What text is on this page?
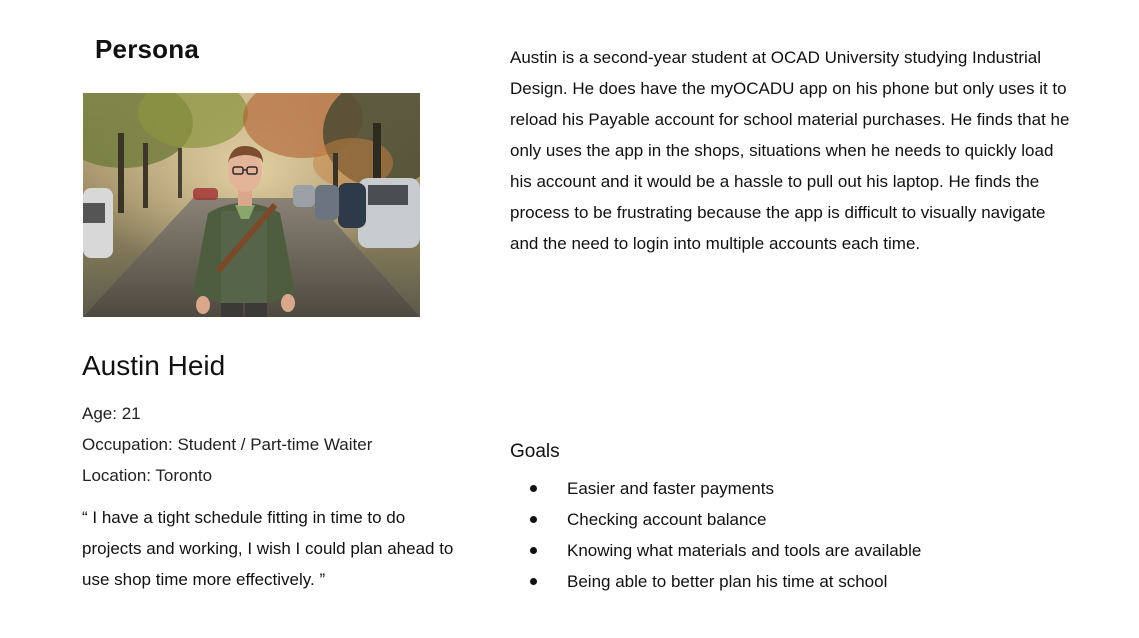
Persona
Austin Heid
Age: 21
Occupation: Student / Part-time Waiter
Location: Toronto
“ I have a tight schedule fitting in time to do projects and working, I wish I could plan ahead to use shop time more effectively. ”
Austin is a second-year student at OCAD University studying Industrial Design. He does have the myOCADU app on his phone but only uses it to reload his Payable account for school material purchases. He finds that he only uses the app in the shops, situations when he needs to quickly load his account and it would be a hassle to pull out his laptop. He finds the process to be frustrating because the app is difficult to visually navigate and the need to login into multiple accounts each time.
Goals
Easier and faster payments
Checking account balance
Knowing what materials and tools are available
Being able to better plan his time at school
